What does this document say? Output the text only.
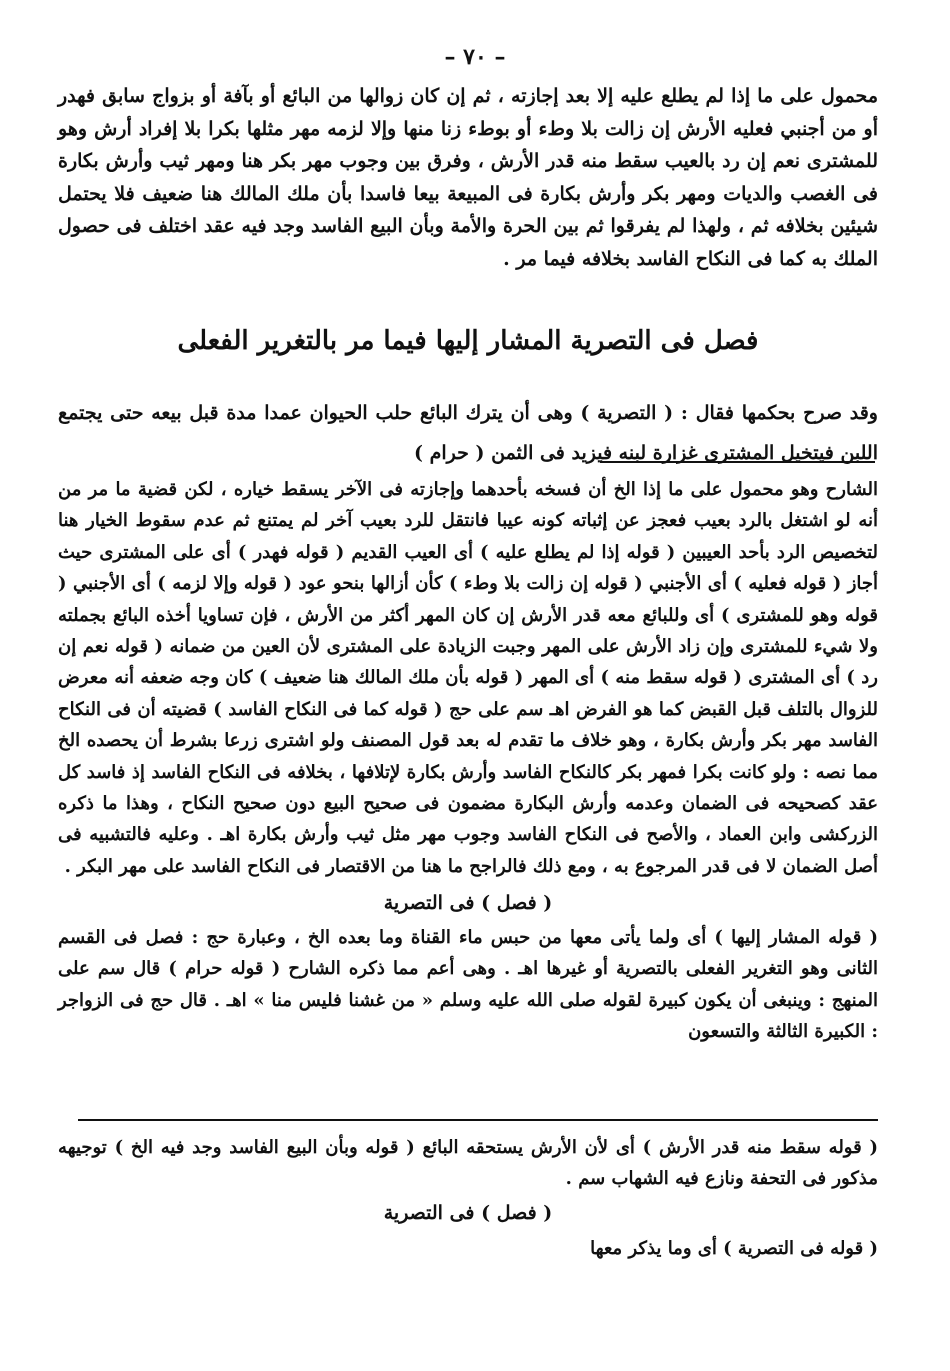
– ٧٠ –

محمول على ما إذا لم يطلع عليه إلا بعد إجازته ، ثم إن كان زوالها من البائع أو بآفة أو بزواج سابق فهدر أو من أجنبي فعليه الأرش إن زالت بلا وطء أو بوطء زنا منها وإلا لزمه مهر مثلها بكرا بلا إفراد أرش وهو للمشترى نعم إن رد بالعيب سقط منه قدر الأرش ، وفرق بين وجوب مهر بكر هنا ومهر ثيب وأرش بكارة فى الغصب والديات ومهر بكر وأرش بكارة فى المبيعة بيعا فاسدا بأن ملك المالك هنا ضعيف فلا يحتمل شيئين بخلافه ثم ، ولهذا لم يفرقوا ثم بين الحرة والأمة وبأن البيع الفاسد وجد فيه عقد اختلف فى حصول الملك به كما فى النكاح الفاسد بخلافه فيما مر .

فصل فى التصرية المشار إليها فيما مر بالتغرير الفعلى

وقد صرح بحكمها فقال : ( التصرية ) وهى أن يترك البائع حلب الحيوان عمدا مدة قبل بيعه حتى يجتمع اللبن فيتخيل المشترى غزارة لبنه فيزيد فى الثمن ( حرام )

الشارح وهو محمول على ما إذا الخ أن فسخه بأحدهما وإجازته فى الآخر يسقط خياره ، لكن قضية ما مر من أنه لو اشتغل بالرد بعيب فعجز عن إثباته كونه عيبا فانتقل للرد بعيب آخر لم يمتنع ثم عدم سقوط الخيار هنا لتخصيص الرد بأحد العيبين ( قوله إذا لم يطلع عليه ) أى العيب القديم ( قوله فهدر ) أى على المشترى حيث أجاز ( قوله فعليه ) أى الأجنبي ( قوله إن زالت بلا وطء ) كأن أزالها بنحو عود ( قوله وإلا لزمه ) أى الأجنبي ( قوله وهو للمشترى ) أى وللبائع معه قدر الأرش إن كان المهر أكثر من الأرش ، فإن تساويا أخذه البائع بجملته ولا شيء للمشترى وإن زاد الأرش على المهر وجبت الزيادة على المشترى لأن العين من ضمانه ( قوله نعم إن رد ) أى المشترى ( قوله سقط منه ) أى المهر ( قوله بأن ملك المالك هنا ضعيف ) كان وجه ضعفه أنه معرض للزوال بالتلف قبل القبض كما هو الفرض اهـ سم على حج ( قوله كما فى النكاح الفاسد ) قضيته أن فى النكاح الفاسد مهر بكر وأرش بكارة ، وهو خلاف ما تقدم له بعد قول المصنف ولو اشترى زرعا بشرط أن يحصده الخ مما نصه : ولو كانت بكرا فمهر بكر كالنكاح الفاسد وأرش بكارة لإتلافها ، بخلافه فى النكاح الفاسد إذ فاسد كل عقد كصحيحه فى الضمان وعدمه وأرش البكارة مضمون فى صحيح البيع دون صحيح النكاح ، وهذا ما ذكره الزركشى وابن العماد ، والأصح فى النكاح الفاسد وجوب مهر مثل ثيب وأرش بكارة اهـ . وعليه فالتشبيه فى أصل الضمان لا فى قدر المرجوع به ، ومع ذلك فالراجح ما هنا من الاقتصار فى النكاح الفاسد على مهر البكر .

( فصل ) فى التصرية

( قوله المشار إليها ) أى ولما يأتى معها من حبس ماء القناة وما بعده الخ ، وعبارة حج : فصل فى القسم الثانى وهو التغرير الفعلى بالتصرية أو غيرها اهـ . وهى أعم مما ذكره الشارح ( قوله حرام ) قال سم على المنهج : وينبغى أن يكون كبيرة لقوله صلى الله عليه وسلم « من غشنا فليس منا » اهـ . قال حج فى الزواجر : الكبيرة الثالثة والتسعون

( قوله سقط منه قدر الأرش ) أى لأن الأرش يستحقه البائع ( قوله وبأن البيع الفاسد وجد فيه الخ ) توجيهه مذكور فى التحفة ونازع فيه الشهاب سم .

( فصل ) فى التصرية

( قوله فى التصرية ) أى وما يذكر معها
